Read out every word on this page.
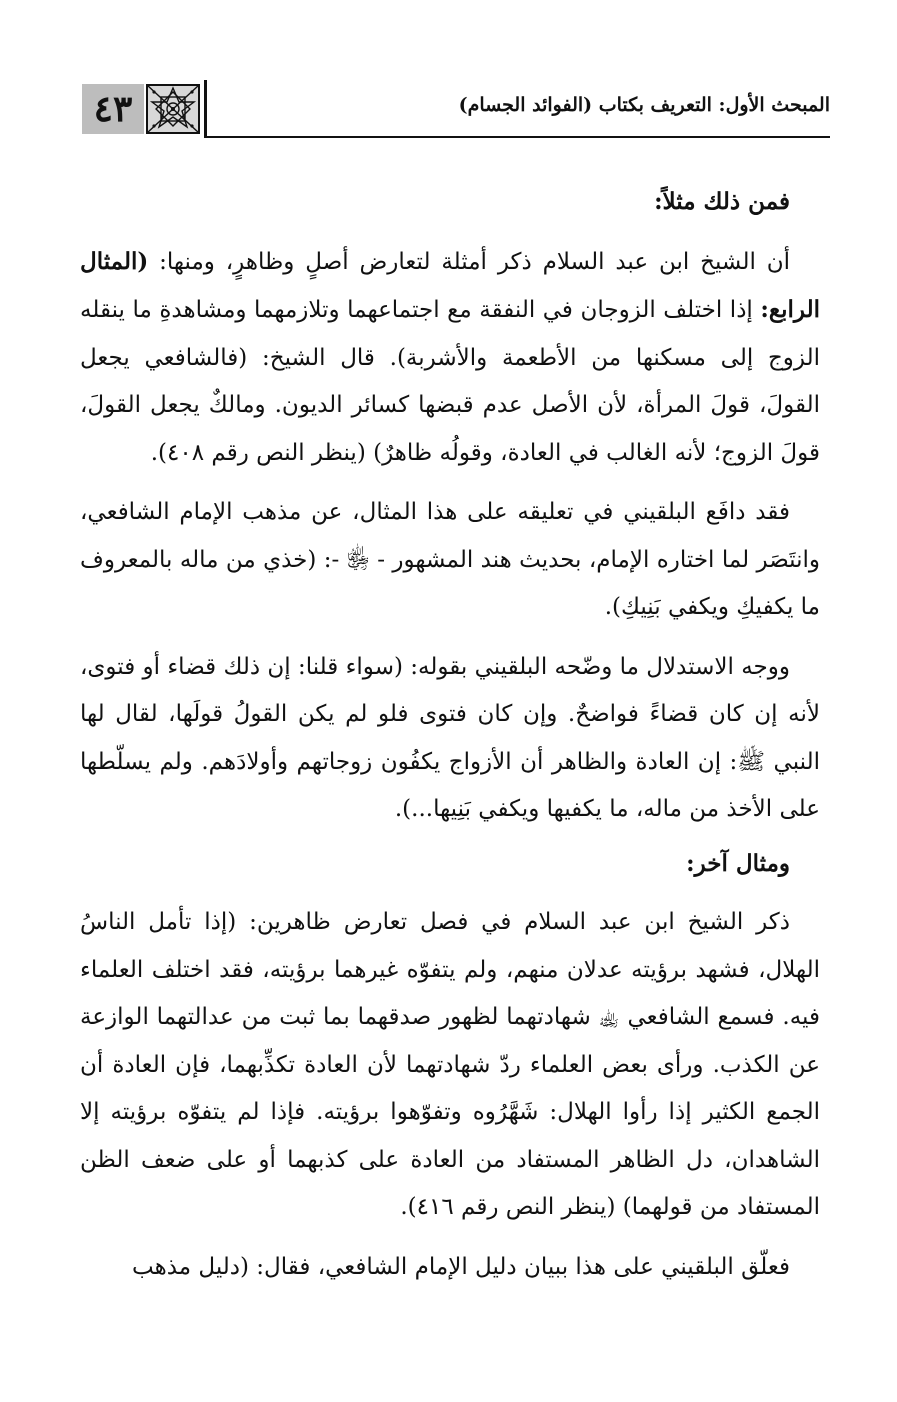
٤٣	المبحث الأول: التعريف بكتاب (الفوائد الجسام)

فمن ذلك مثلاً:

أن الشيخ ابن عبد السلام ذكر أمثلة لتعارض أصلٍ وظاهرٍ، ومنها: (المثال الرابع: إذا اختلف الزوجان في النفقة مع اجتماعهما وتلازمهما ومشاهدةِ ما ينقله الزوج إلى مسكنها من الأطعمة والأشربة). قال الشيخ: (فالشافعي يجعل القولَ، قولَ المرأة، لأن الأصل عدم قبضها كسائر الديون. ومالكٌ يجعل القولَ، قولَ الزوج؛ لأنه الغالب في العادة، وقولُه ظاهرٌ) (ينظر النص رقم ٤٠٨).

فقد دافَع البلقيني في تعليقه على هذا المثال، عن مذهب الإمام الشافعي، وانتَصَر لما اختاره الإمام، بحديث هند المشهور - ﵂ -: (خذي من ماله بالمعروف ما يكفيكِ ويكفي بَنِيكِ).

ووجه الاستدلال ما وضّحه البلقيني بقوله: (سواء قلنا: إن ذلك قضاء أو فتوى، لأنه إن كان قضاءً فواضحٌ. وإن كان فتوى فلو لم يكن القولُ قولَها، لقال لها النبي ﷺ: إن العادة والظاهر أن الأزواج يكفُون زوجاتهم وأولادَهم. ولم يسلّطها على الأخذ من ماله، ما يكفيها ويكفي بَنِيها...).

ومثال آخر:

ذكر الشيخ ابن عبد السلام في فصل تعارض ظاهرين: (إذا تأمل الناسُ الهلال، فشهد برؤيته عدلان منهم، ولم يتفوّه غيرهما برؤيته، فقد اختلف العلماء فيه. فسمع الشافعي ﵀ شهادتهما لظهور صدقهما بما ثبت من عدالتهما الوازعة عن الكذب. ورأى بعض العلماء ردّ شهادتهما لأن العادة تكذِّبهما، فإن العادة أن الجمع الكثير إذا رأوا الهلال: شَهَّرُوه وتفوّهوا برؤيته. فإذا لم يتفوّه برؤيته إلا الشاهدان، دل الظاهر المستفاد من العادة على كذبهما أو على ضعف الظن المستفاد من قولهما) (ينظر النص رقم ٤١٦).

فعلّق البلقيني على هذا ببيان دليل الإمام الشافعي، فقال: (دليل مذهب
